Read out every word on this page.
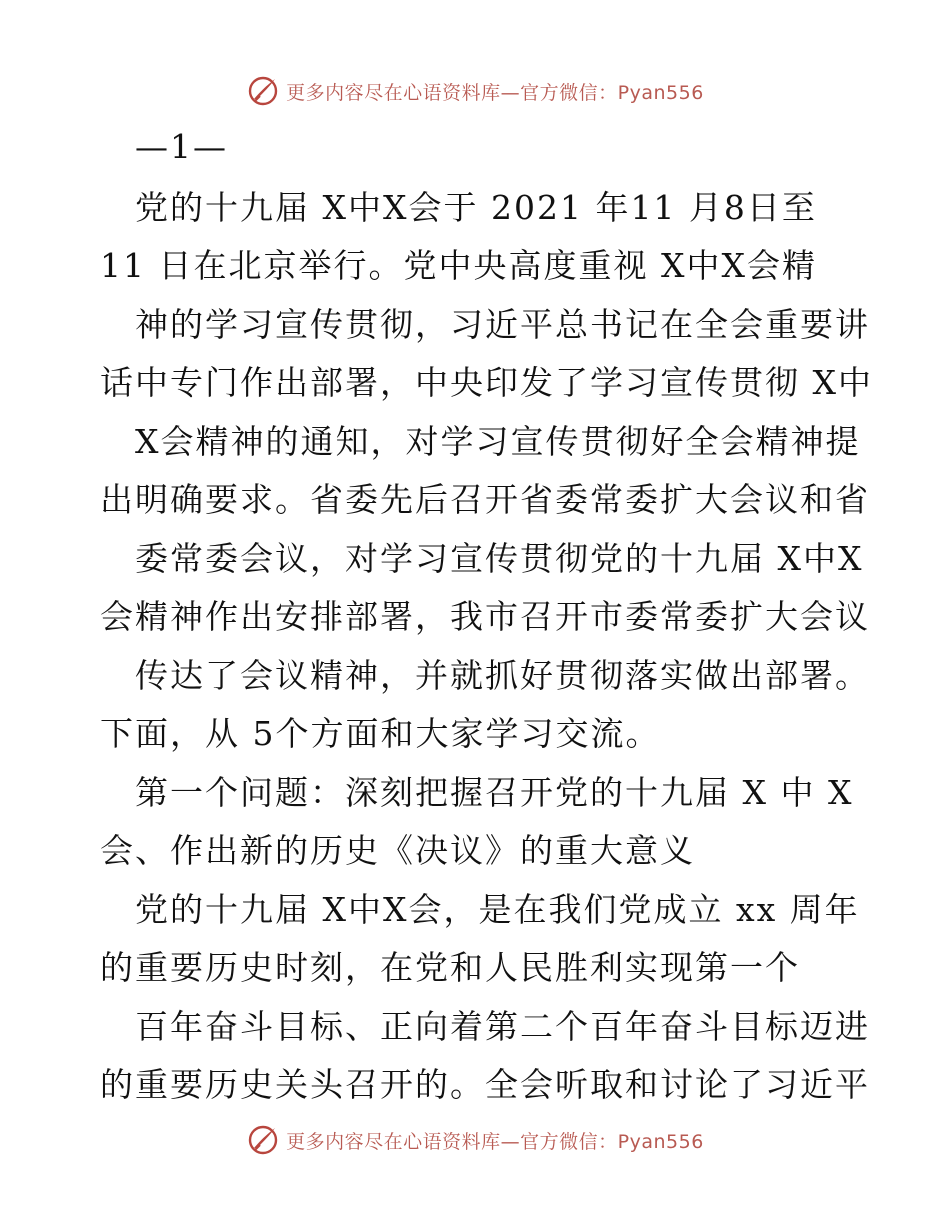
更多内容尽在心语资料库—官方微信：Pyan556
—1—
党的十九届 X中X会于 2021 年11 月8日至
11 日在北京举行。党中央高度重视 X中X会精
神的学习宣传贯彻，习近平总书记在全会重要讲
话中专门作出部署，中央印发了学习宣传贯彻 X中
X会精神的通知，对学习宣传贯彻好全会精神提
出明确要求。省委先后召开省委常委扩大会议和省
委常委会议，对学习宣传贯彻党的十九届 X中X
会精神作出安排部署，我市召开市委常委扩大会议
传达了会议精神，并就抓好贯彻落实做出部署。
下面，从 5个方面和大家学习交流。
第一个问题：深刻把握召开党的十九届 X 中 X
会、作出新的历史《决议》的重大意义
党的十九届 X中X会，是在我们党成立 xx 周年
的重要历史时刻，在党和人民胜利实现第一个
百年奋斗目标、正向着第二个百年奋斗目标迈进
的重要历史关头召开的。全会听取和讨论了习近平
更多内容尽在心语资料库—官方微信：Pyan556
